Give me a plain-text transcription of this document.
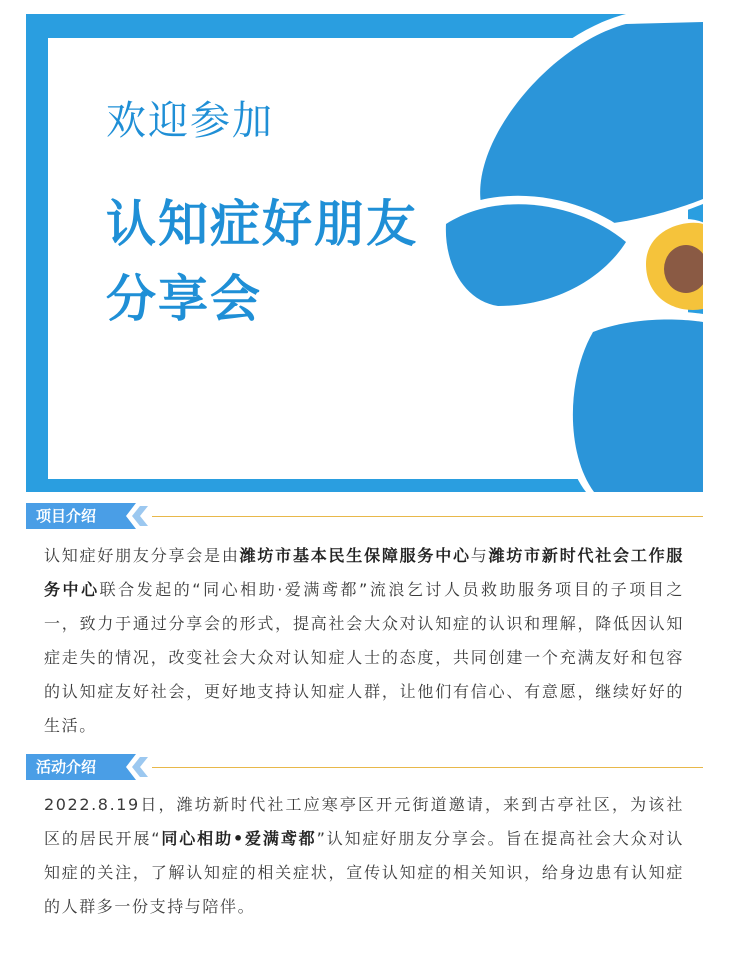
欢迎参加
认知症好朋友
分享会
项目介绍

认知症好朋友分享会是由潍坊市基本民生保障服务中心与潍坊市新时代社会工作服务中心联合发起的“同心相助·爱满鸢都”流浪乞讨人员救助服务项目的子项目之一，致力于通过分享会的形式，提高社会大众对认知症的认识和理解，降低因认知症走失的情况，改变社会大众对认知症人士的态度，共同创建一个充满友好和包容的认知症友好社会，更好地支持认知症人群，让他们有信心、有意愿，继续好好的生活。

活动介绍

2022.8.19日，潍坊新时代社工应寒亭区开元街道邀请，来到古亭社区，为该社区的居民开展“同心相助•爱满鸢都”认知症好朋友分享会。旨在提高社会大众对认知症的关注，了解认知症的相关症状，宣传认知症的相关知识，给身边患有认知症的人群多一份支持与陪伴。
